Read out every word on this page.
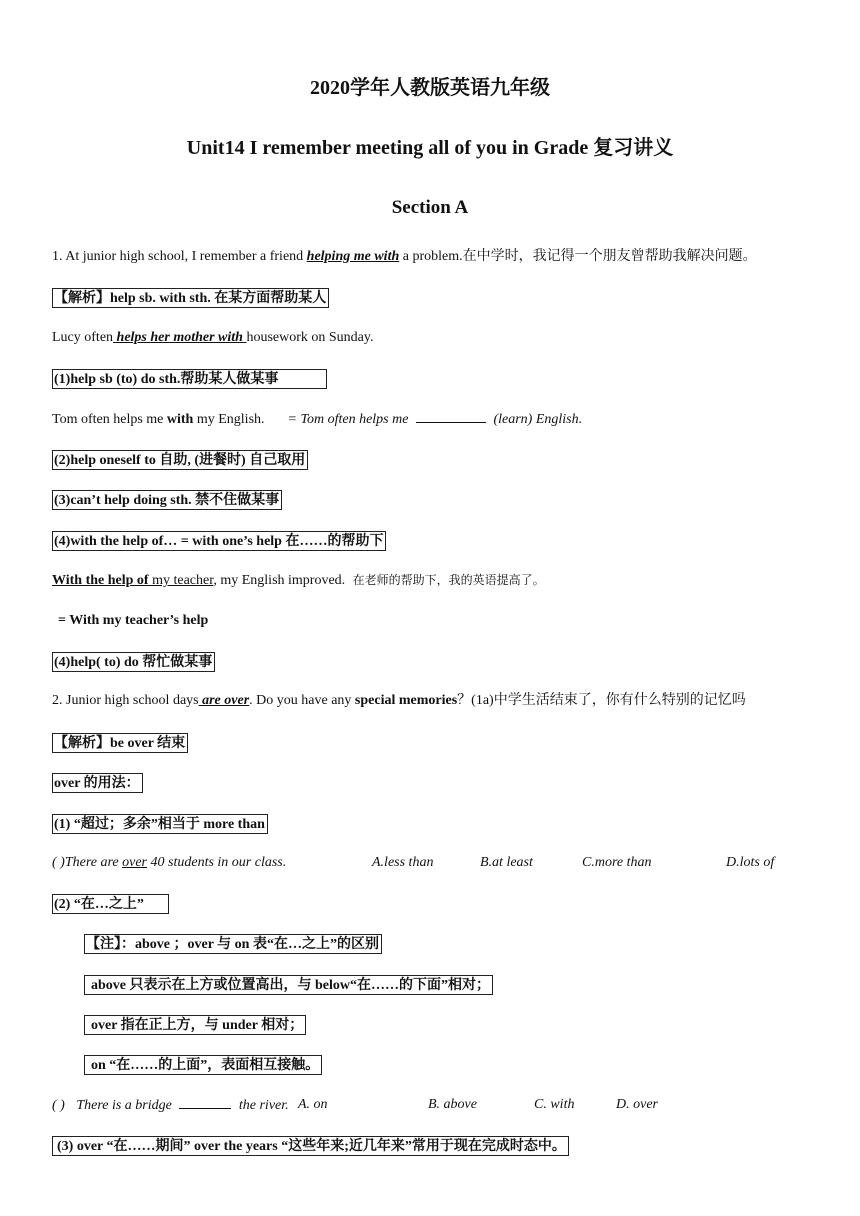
2020学年人教版英语九年级
Unit14 I remember meeting all of you in Grade 复习讲义
Section A
1. At junior high school, I remember a friend helping me with a problem.在中学时，我记得一个朋友曾帮助我解决问题。
【解析】help sb. with sth. 在某方面帮助某人
Lucy often helps her mother with housework on Sunday.
(1)help sb (to) do sth.帮助某人做某事
Tom often helps me with my English. = Tom often helps me	(learn) English.
(2)help oneself to 自助, (进餐时) 自己取用
(3)can’t help doing sth. 禁不住做某事
(4)with the help of… = with one’s help 在……的帮助下
With the help of my teacher, my English improved. 在老师的帮助下，我的英语提高了。
= With my teacher’s help
(4)help( to) do 帮忙做某事
2. Junior high school days are over. Do you have any special memories？(1a)中学生活结束了，你有什么特别的记忆吗
【解析】be over 结束
over 的用法：
(1) “超过；多余”相当于 more than
( )There are over 40 students in our class.	A.less than	B.at least	C.more than	D.lots of
(2) “在…之上”
【注】：above ；over 与 on 表“在…之上”的区别
above 只表示在上方或位置高出，与 below“在……的下面”相对；
over 指在正上方，与 under 相对；
on “在……的上面”，表面相互接触。
( ) There is a bridge	the river. A. on	B. above	C. with	D. over
(3) over “在……期间” over the years “这些年来;近几年来”常用于现在完成时态中。
